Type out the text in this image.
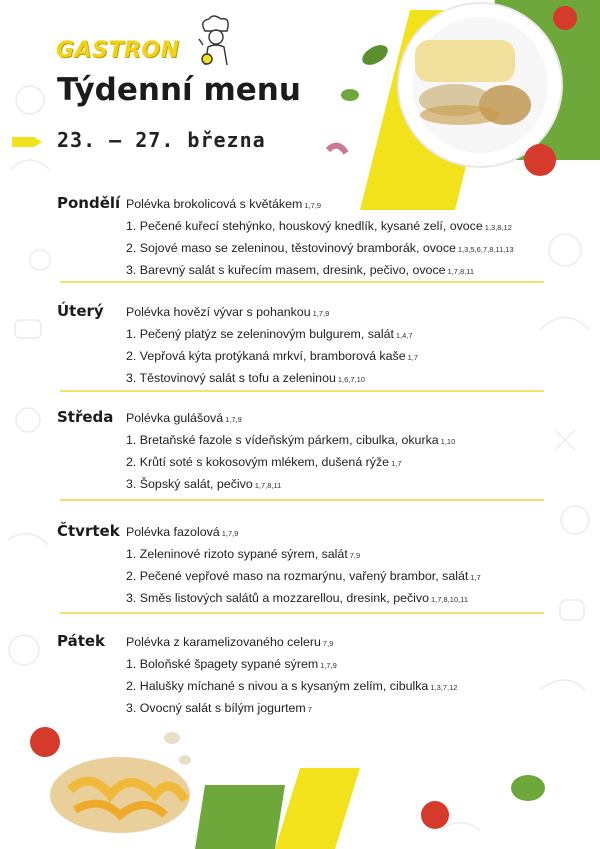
GASTRON
Týdenní menu
23. – 27. března
Pondělí Polévka brokolicová s květákem 1,7,9
1. Pečené kuřecí stehýnko, houskový knedlík, kysané zelí, ovoce 1,3,8,12
2. Sojové maso se zeleninou, těstovinový bramborák, ovoce 1,3,5,6,7,8,11,13
3. Barevný salát s kuřecím masem, dresink, pečivo, ovoce 1,7,8,11
Úterý Polévka hovězí vývar s pohankou 1,7,9
1. Pečený platýz se zeleninovým bulgurem, salát 1,4,7
2. Vepřová kýta protýkaná mrkví, bramborová kaše 1,7
3. Těstovinový salát s tofu a zeleninou 1,6,7,10
Středa Polévka gulášová 1,7,9
1. Bretaňské fazole s vídeňským párkem, cibulka, okurka 1,10
2. Krůtí soté s kokosovým mlékem, dušená rýže 1,7
3. Šopský salát, pečivo 1,7,8,11
Čtvrtek Polévka fazolová 1,7,9
1. Zeleninové rizoto sypané sýrem, salát 7,9
2. Pečené vepřové maso na rozmarýnu, vařený brambor, salát 1,7
3. Směs listových salátů a mozzarellou, dresink, pečivo 1,7,8,10,11
Pátek Polévka z karamelizovaného celeru 7,9
1. Boloňské špagety sypané sýrem 1,7,9
2. Halušky míchané s nivou a s kysaným zelím, cibulka 1,3,7,12
3. Ovocný salát s bílým jogurtem 7
